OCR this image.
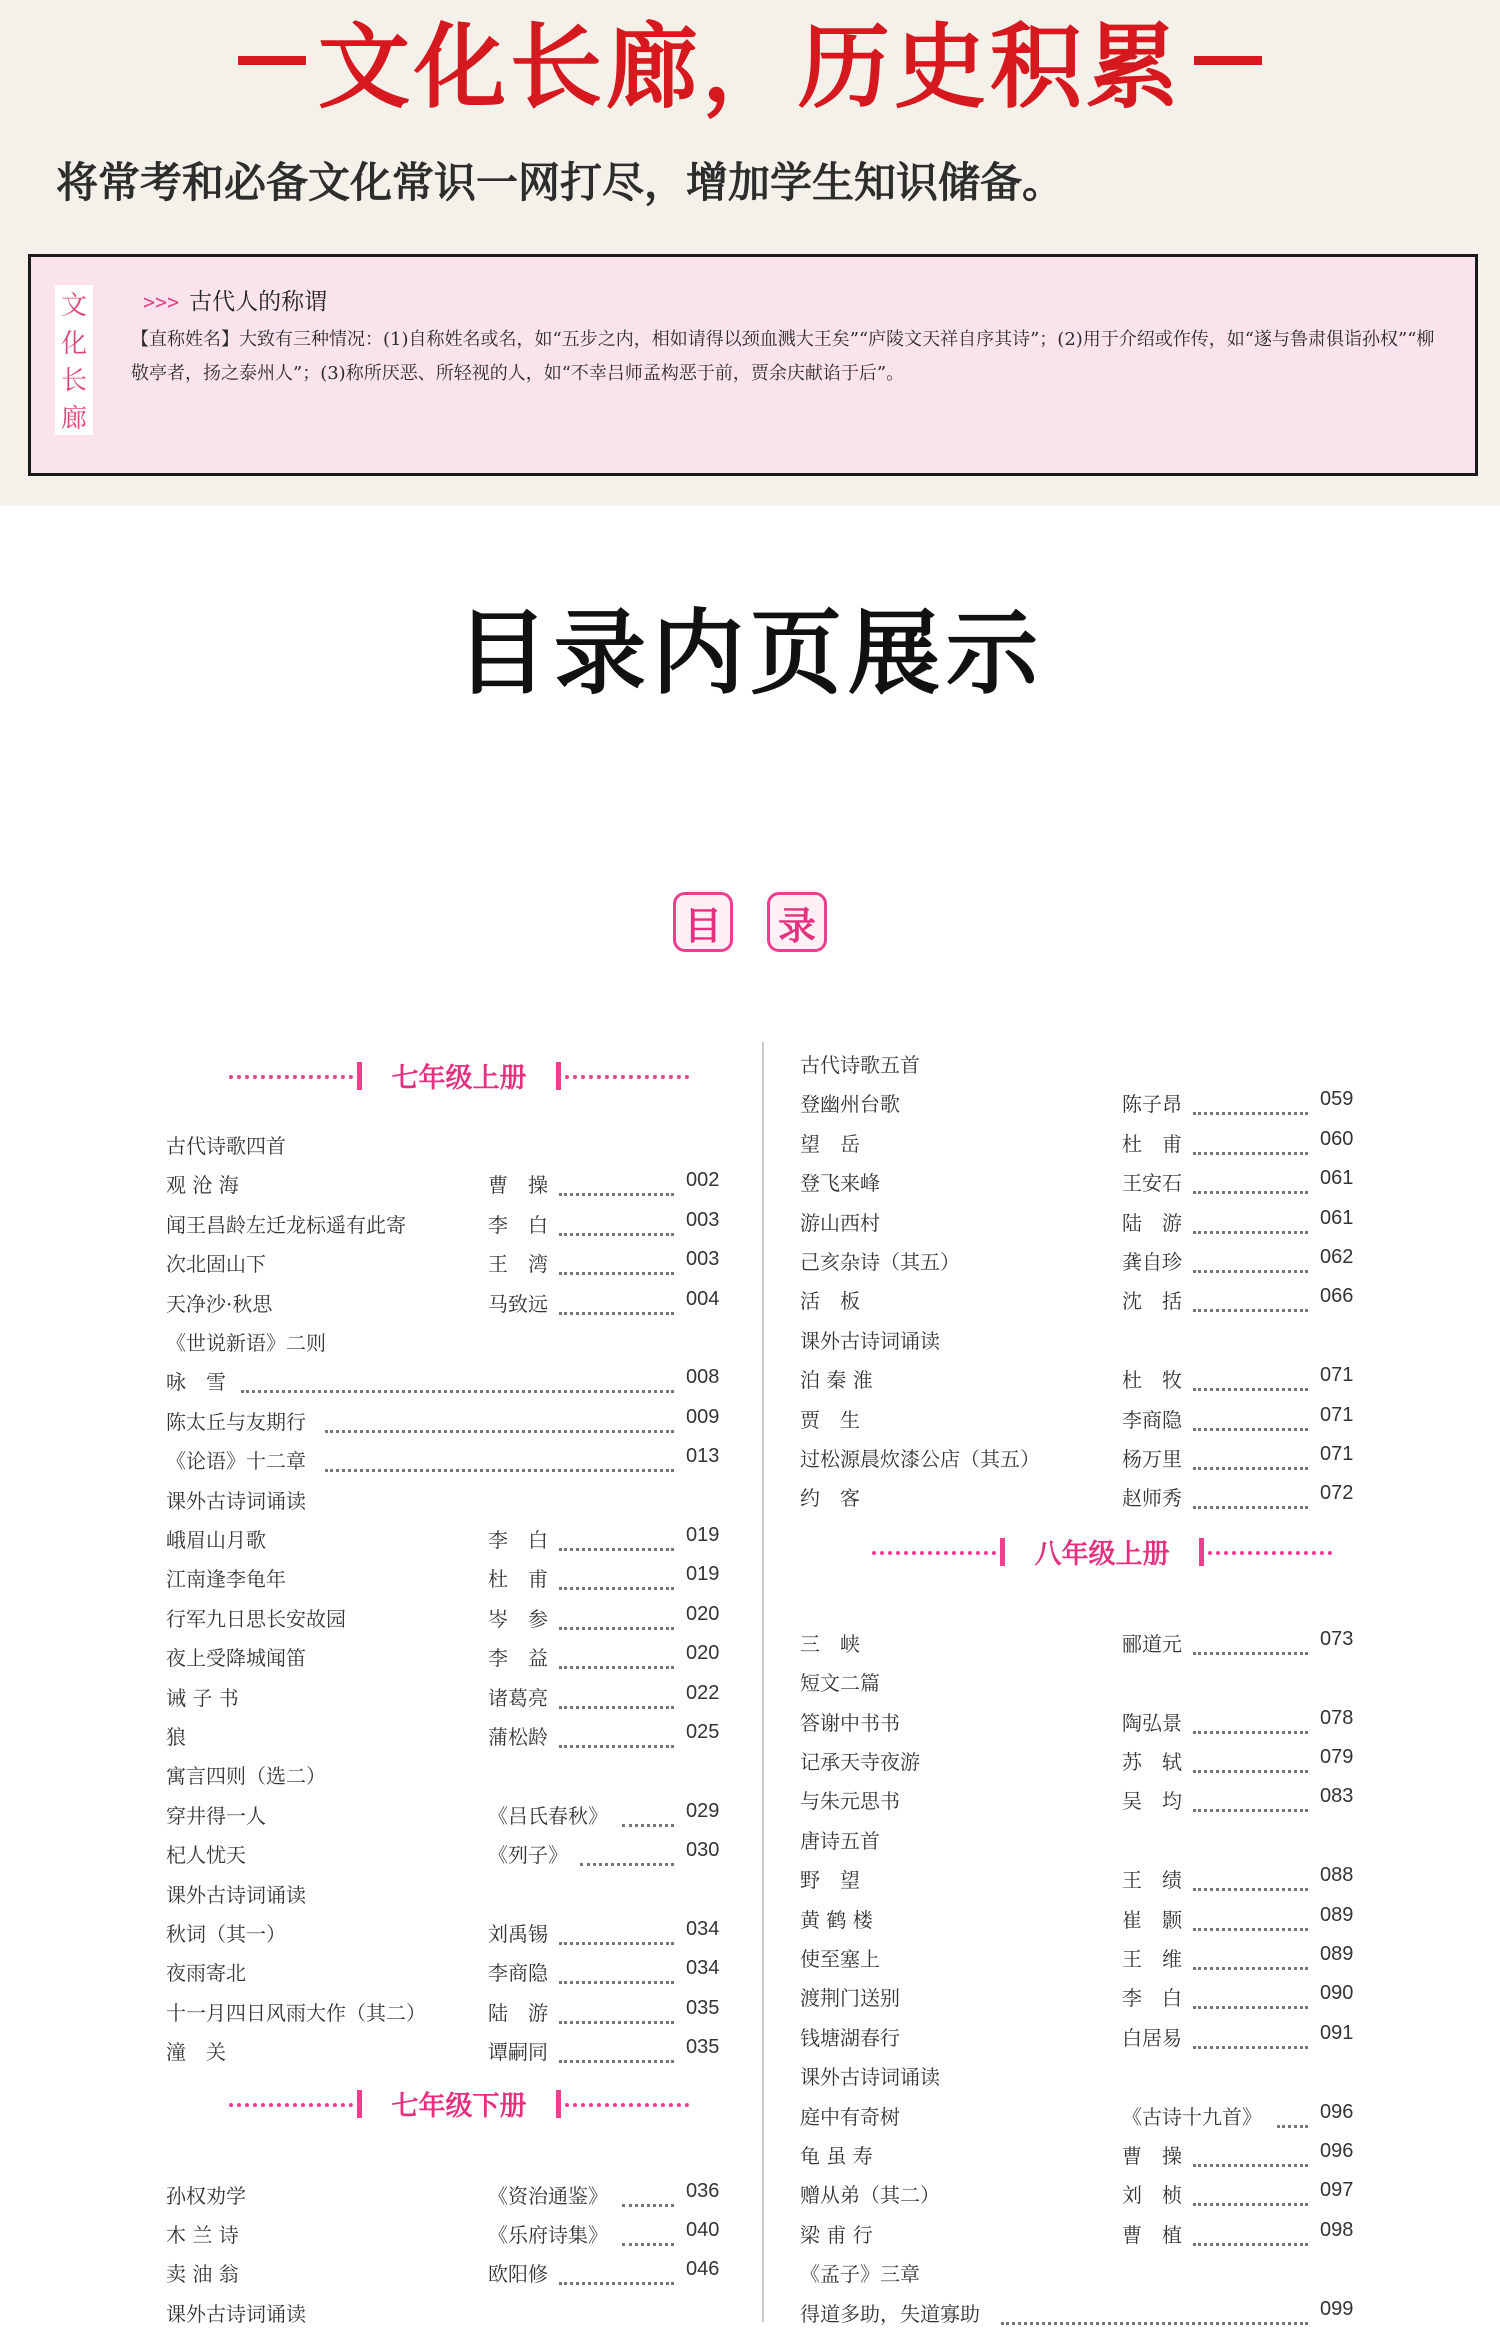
文化长廊，历史积累
将常考和必备文化常识一网打尽，增加学生知识储备。
文
化
长
廊
>>> 古代人的称谓
【直称姓名】大致有三种情况：(1)自称姓名或名，如“五步之内，相如请得以颈血溅大王矣”“庐陵文天祥自序其诗”；(2)用于介绍或作传，如“遂与鲁肃俱诣孙权”“柳敬亭者，扬之泰州人”；(3)称所厌恶、所轻视的人，如“不幸吕师孟构恶于前，贾余庆献谄于后”。
目录内页展示
目 录
七年级上册
古代诗歌四首
观 沧 海	曹　操	002
闻王昌龄左迁龙标遥有此寄	李　白	003
次北固山下	王　湾	003
天净沙·秋思	马致远	004
《世说新语》二则
咏　雪	008
陈太丘与友期行	009
《论语》十二章	013
课外古诗词诵读
峨眉山月歌	李　白	019
江南逢李龟年	杜　甫	019
行军九日思长安故园	岑　参	020
夜上受降城闻笛	李　益	020
诫 子 书	诸葛亮	022
狼	蒲松龄	025
寓言四则（选二）
穿井得一人	《吕氏春秋》	029
杞人忧天	《列子》	030
课外古诗词诵读
秋词（其一）	刘禹锡	034
夜雨寄北	李商隐	034
十一月四日风雨大作（其二）	陆　游	035
潼　关	谭嗣同	035
七年级下册
孙权劝学	《资治通鉴》	036
木 兰 诗	《乐府诗集》	040
卖 油 翁	欧阳修	046
课外古诗词诵读
古代诗歌五首
登幽州台歌	陈子昂	059
望　岳	杜　甫	060
登飞来峰	王安石	061
游山西村	陆　游	061
己亥杂诗（其五）	龚自珍	062
活　板	沈　括	066
课外古诗词诵读
泊 秦 淮	杜　牧	071
贾　生	李商隐	071
过松源晨炊漆公店（其五）	杨万里	071
约　客	赵师秀	072
八年级上册
三　峡	郦道元	073
短文二篇
答谢中书书	陶弘景	078
记承天寺夜游	苏　轼	079
与朱元思书	吴　均	083
唐诗五首
野　望	王　绩	088
黄 鹤 楼	崔　颢	089
使至塞上	王　维	089
渡荆门送别	李　白	090
钱塘湖春行	白居易	091
课外古诗词诵读
庭中有奇树	《古诗十九首》	096
龟 虽 寿	曹　操	096
赠从弟（其二）	刘　桢	097
梁 甫 行	曹　植	098
《孟子》三章
得道多助，失道寡助	099
